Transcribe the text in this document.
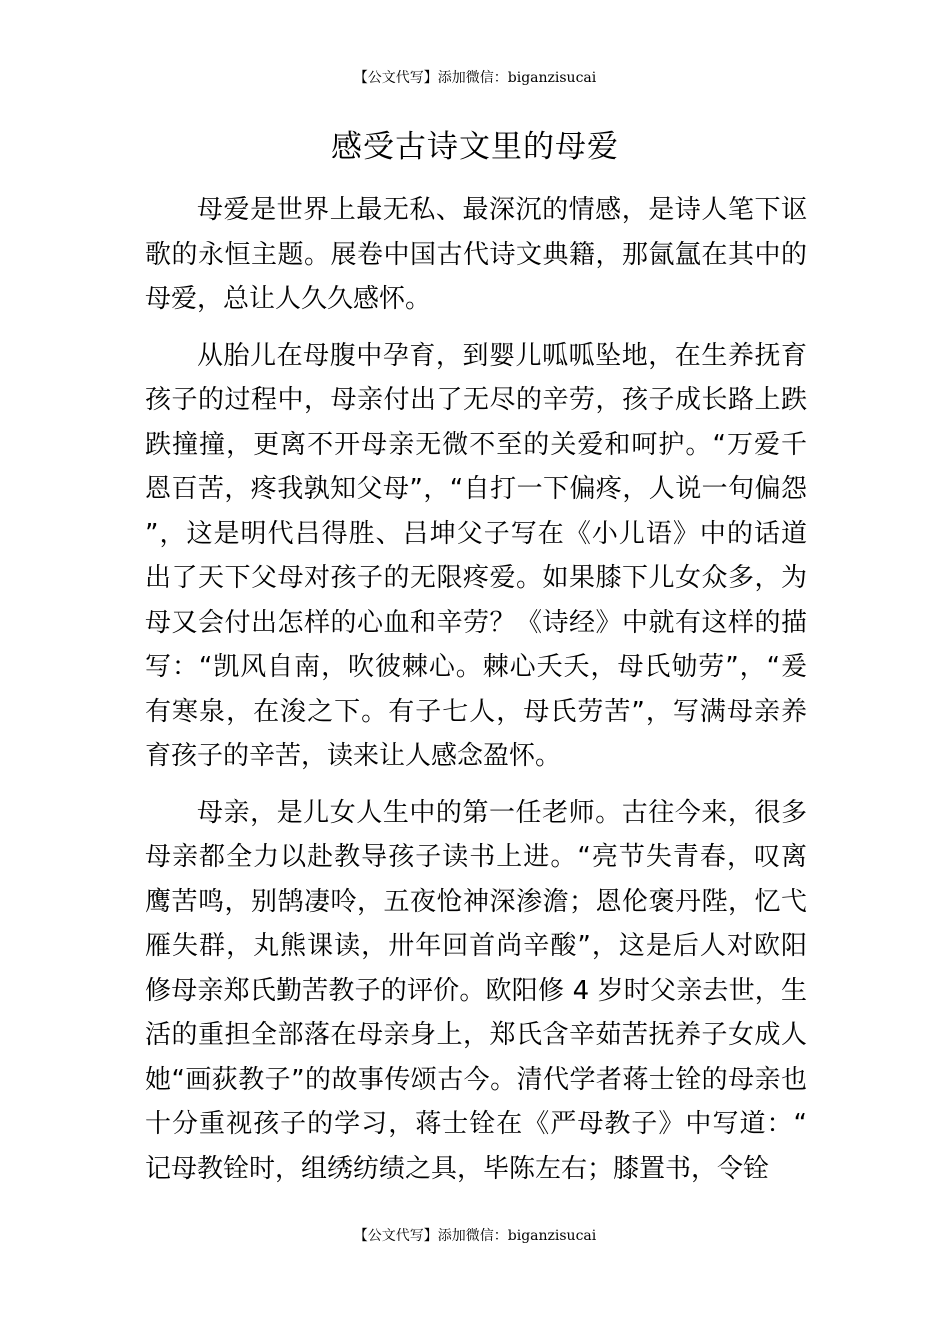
【公文代写】添加微信：biganzisucai
感受古诗文里的母爱

母爱是世界上最无私、最深沉的情感，是诗人笔下讴歌的永恒主题。展卷中国古代诗文典籍，那氤氲在其中的母爱，总让人久久感怀。

从胎儿在母腹中孕育，到婴儿呱呱坠地，在生养抚育孩子的过程中，母亲付出了无尽的辛劳，孩子成长路上跌跌撞撞，更离不开母亲无微不至的关爱和呵护。“万爱千恩百苦，疼我孰知父母”，“自打一下偏疼，人说一句偏怨”，这是明代吕得胜、吕坤父子写在《小儿语》中的话道出了天下父母对孩子的无限疼爱。如果膝下儿女众多，为母又会付出怎样的心血和辛劳？《诗经》中就有这样的描写：“凯风自南，吹彼棘心。棘心夭夭，母氏劬劳”，“爰有寒泉，在浚之下。有子七人，母氏劳苦”，写满母亲养育孩子的辛苦，读来让人感念盈怀。

母亲，是儿女人生中的第一任老师。古往今来，很多母亲都全力以赴教导孩子读书上进。“亮节失青春，叹离鹰苦鸣，别鹄凄呤，五夜怆神深渗澹；恩伦褒丹陛，忆弋雁失群，丸熊课读，卅年回首尚辛酸”，这是后人对欧阳修母亲郑氏勤苦教子的评价。欧阳修 4 岁时父亲去世，生活的重担全部落在母亲身上，郑氏含辛茹苦抚养子女成人她“画荻教子”的故事传颂古今。清代学者蒋士铨的母亲也十分重视孩子的学习，蒋士铨在《严母教子》中写道：“记母教铨时，组绣纺绩之具，毕陈左右；膝置书，令铨

【公文代写】添加微信：biganzisucai
